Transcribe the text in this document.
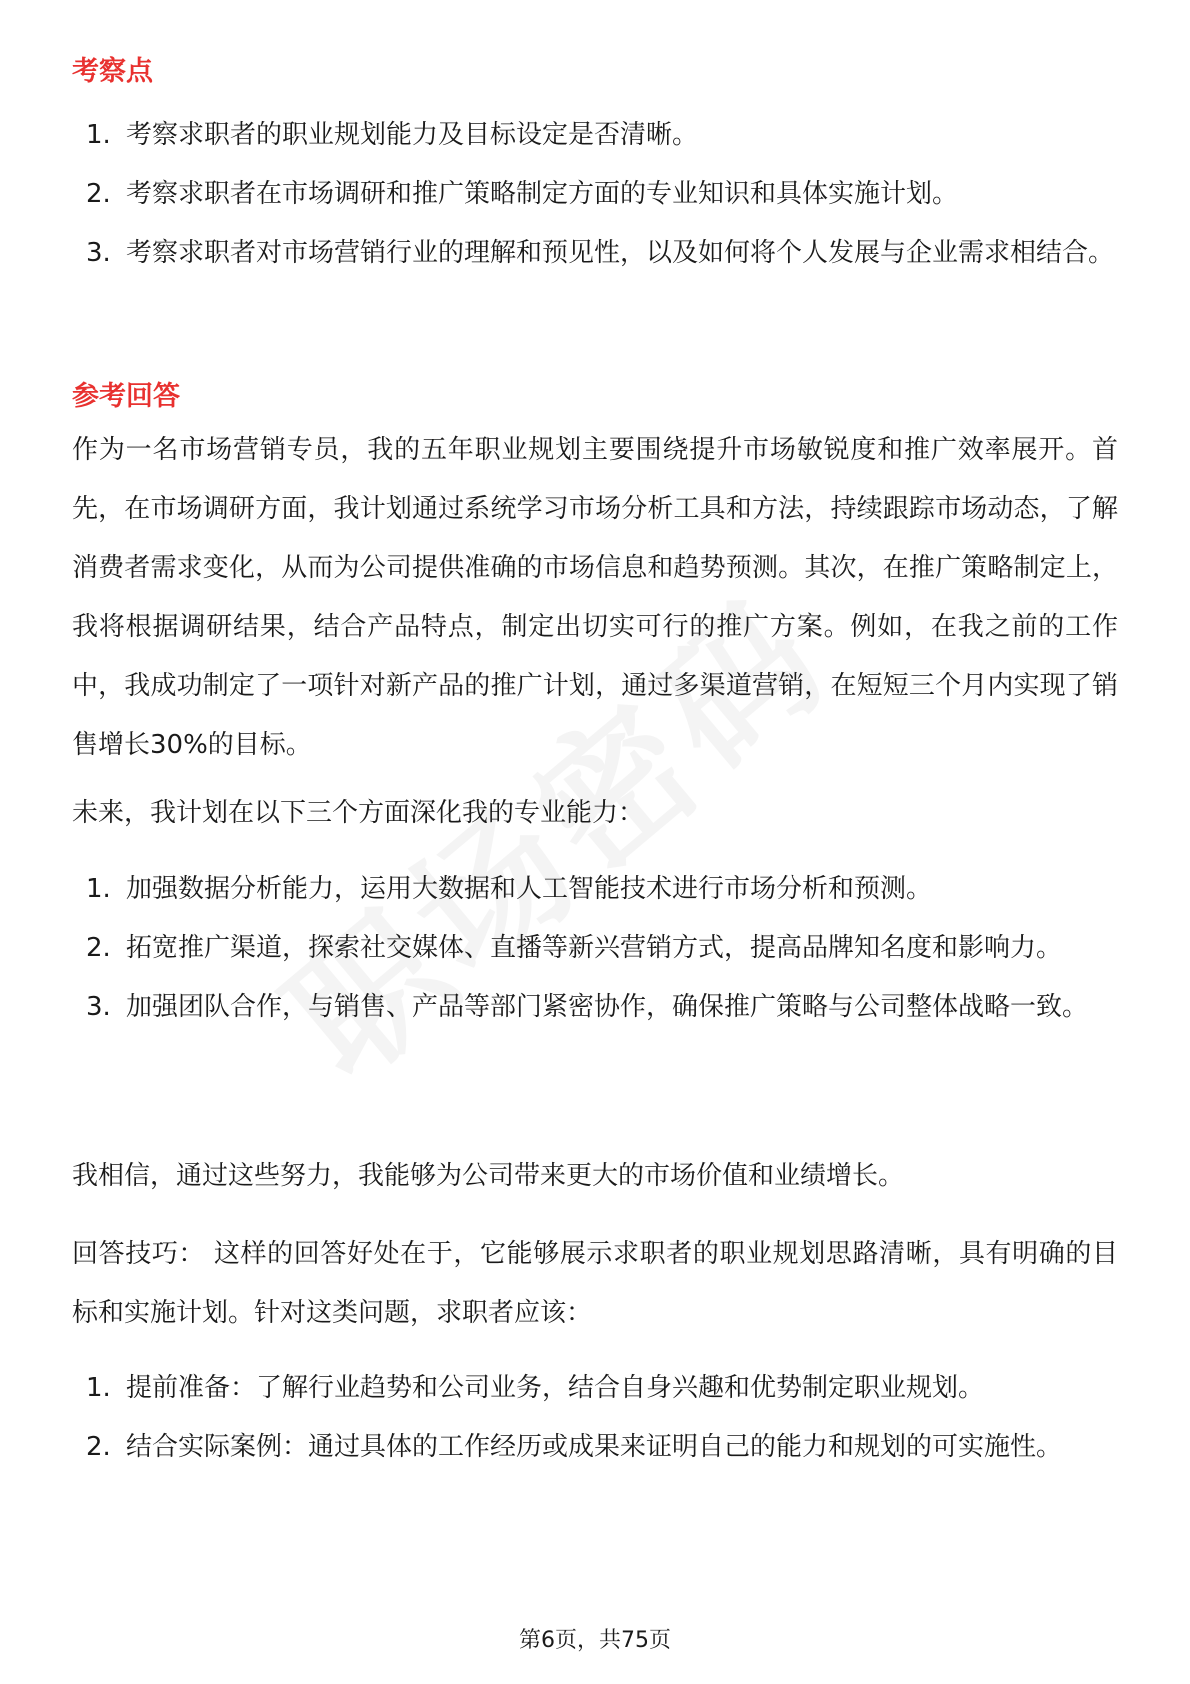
考察点
1. 考察求职者的职业规划能力及目标设定是否清晰。
2. 考察求职者在市场调研和推广策略制定方面的专业知识和具体实施计划。
3. 考察求职者对市场营销行业的理解和预见性，以及如何将个人发展与企业需求相结合。
参考回答

作为一名市场营销专员，我的五年职业规划主要围绕提升市场敏锐度和推广效率展开。首先，在市场调研方面，我计划通过系统学习市场分析工具和方法，持续跟踪市场动态，了解消费者需求变化，从而为公司提供准确的市场信息和趋势预测。其次，在推广策略制定上，我将根据调研结果，结合产品特点，制定出切实可行的推广方案。例如，在我之前的工作中，我成功制定了一项针对新产品的推广计划，通过多渠道营销，在短短三个月内实现了销售增长30%的目标。

未来，我计划在以下三个方面深化我的专业能力：

1. 加强数据分析能力，运用大数据和人工智能技术进行市场分析和预测。
2. 拓宽推广渠道，探索社交媒体、直播等新兴营销方式，提高品牌知名度和影响力。
3. 加强团队合作，与销售、产品等部门紧密协作，确保推广策略与公司整体战略一致。

我相信，通过这些努力，我能够为公司带来更大的市场价值和业绩增长。

回答技巧： 这样的回答好处在于，它能够展示求职者的职业规划思路清晰，具有明确的目标和实施计划。针对这类问题，求职者应该：

1. 提前准备：了解行业趋势和公司业务，结合自身兴趣和优势制定职业规划。
2. 结合实际案例：通过具体的工作经历或成果来证明自己的能力和规划的可实施性。
第6页，共75页
